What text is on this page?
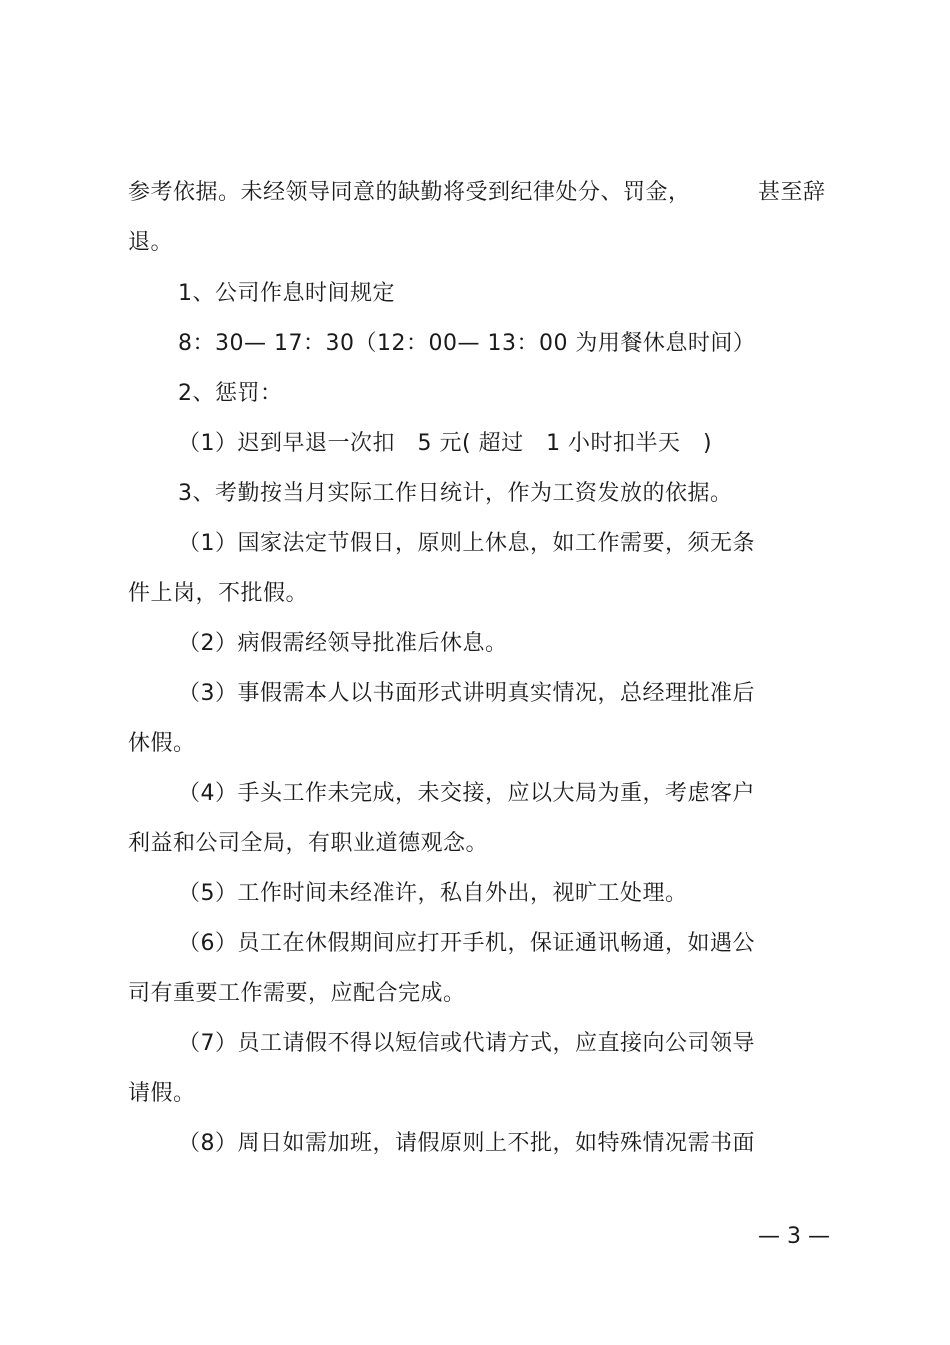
参考依据。未经领导同意的缺勤将受到纪律处分、罚金，	甚至辞
退。
1、公司作息时间规定
8：30— 17：30（12：00— 13：00 为用餐休息时间）
2、惩罚：
（1）迟到早退一次扣　5 元( 超过　1 小时扣半天　)
3、考勤按当月实际工作日统计，作为工资发放的依据。
（1）国家法定节假日，原则上休息，如工作需要，须无条
件上岗，不批假。
（2）病假需经领导批准后休息。
（3）事假需本人以书面形式讲明真实情况，总经理批准后
休假。
（4）手头工作未完成，未交接，应以大局为重，考虑客户
利益和公司全局，有职业道德观念。
（5）工作时间未经准许，私自外出，视旷工处理。
（6）员工在休假期间应打开手机，保证通讯畅通，如遇公
司有重要工作需要，应配合完成。
（7）员工请假不得以短信或代请方式，应直接向公司领导
请假。
（8）周日如需加班，请假原则上不批，如特殊情况需书面
— 3 —
